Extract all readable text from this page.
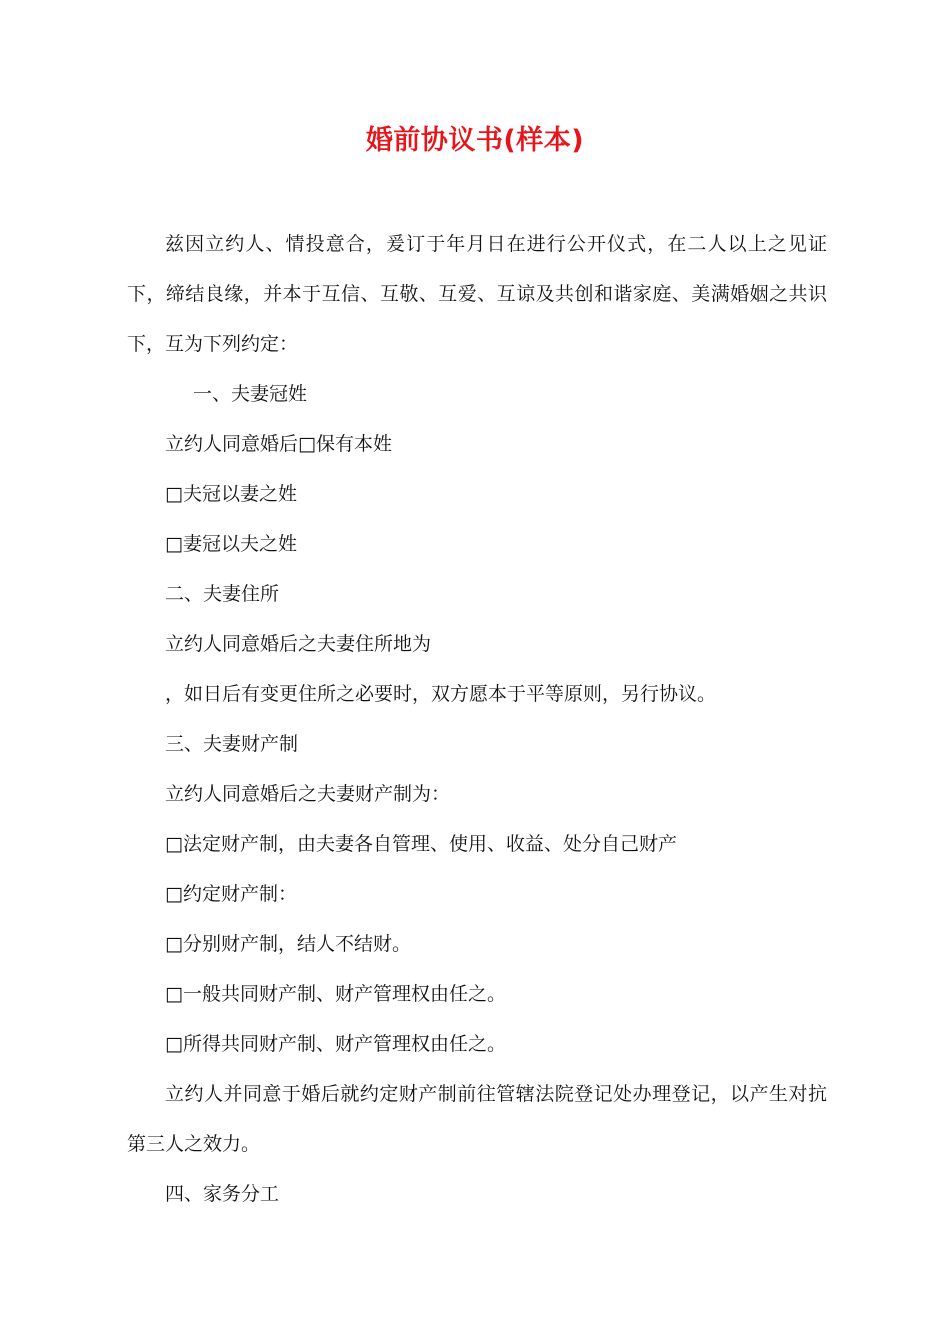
婚前协议书(样本)

兹因立约人、情投意合，爰订于年月日在进行公开仪式，在二人以上之见证下，缔结良缘，并本于互信、互敬、互爱、互谅及共创和谐家庭、美满婚姻之共识下，互为下列约定：

一、夫妻冠姓

立约人同意婚后□保有本姓

□夫冠以妻之姓

□妻冠以夫之姓

二、夫妻住所

立约人同意婚后之夫妻住所地为

，如日后有变更住所之必要时，双方愿本于平等原则，另行协议。

三、夫妻财产制

立约人同意婚后之夫妻财产制为：

□法定财产制，由夫妻各自管理、使用、收益、处分自己财产

□约定财产制：

□分别财产制，结人不结财。

□一般共同财产制、财产管理权由任之。

□所得共同财产制、财产管理权由任之。

立约人并同意于婚后就约定财产制前往管辖法院登记处办理登记，以产生对抗第三人之效力。

四、家务分工
